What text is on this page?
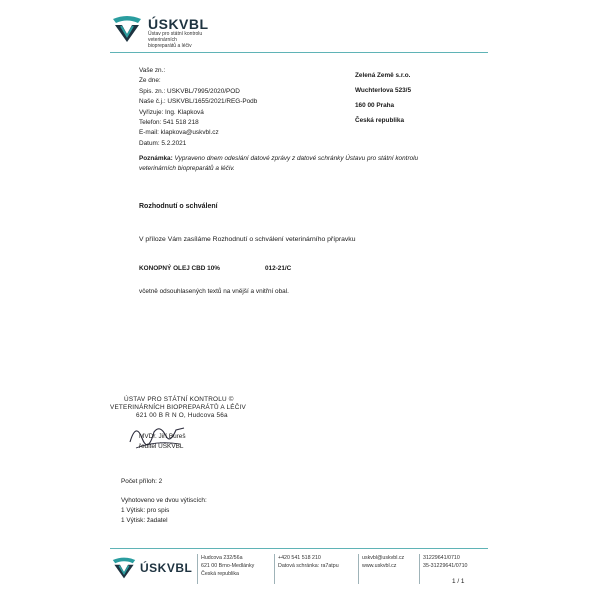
ÚSKVBL
Ústav pro státní kontrolu
veterinárních
biopreparátů a léčiv
Vaše zn.:
Ze dne:
Spis. zn.: USKVBL/7995/2020/POD
Naše č.j.: USKVBL/1655/2021/REG-Podb
Vyřizuje: Ing. Klapková
Telefon: 541 518 218
E-mail: klapkova@uskvbl.cz
Datum: 5.2.2021
Zelená Země s.r.o.
Wuchterlova 523/5
160 00 Praha
Česká republika
Poznámka: Vypraveno dnem odeslání datové zprávy z datové schránky Ústavu pro státní kontrolu
veterinárních biopreparátů a léčiv.
Rozhodnutí o schválení
V příloze Vám zasíláme Rozhodnutí o schválení veterinárního přípravku
KONOPNÝ OLEJ CBD 10%	012-21/C
včetně odsouhlasených textů na vnější a vnitřní obal.
ÚSTAV PRO STÁTNÍ KONTROLU ©
VETERINÁRNÍCH BIOPREPARÁTŮ A LÉČIV
621 00 B R N O, Hudcova 56a
MVDr. Jiří Bureš
ředitel ÚSKVBL
Počet příloh: 2
Vyhotoveno ve dvou výtiscích:
1 Výtisk: pro spis
1 Výtisk: žadatel
ÚSKVBL
Hudcova 232/56a
621 00 Brno-Medlánky
Česká republika
+420 541 518 210
Datová schránka: ra7atpu
uskvbl@uskvbl.cz
www.uskvbl.cz
31229641/0710
35-31229641/0710
1 / 1
